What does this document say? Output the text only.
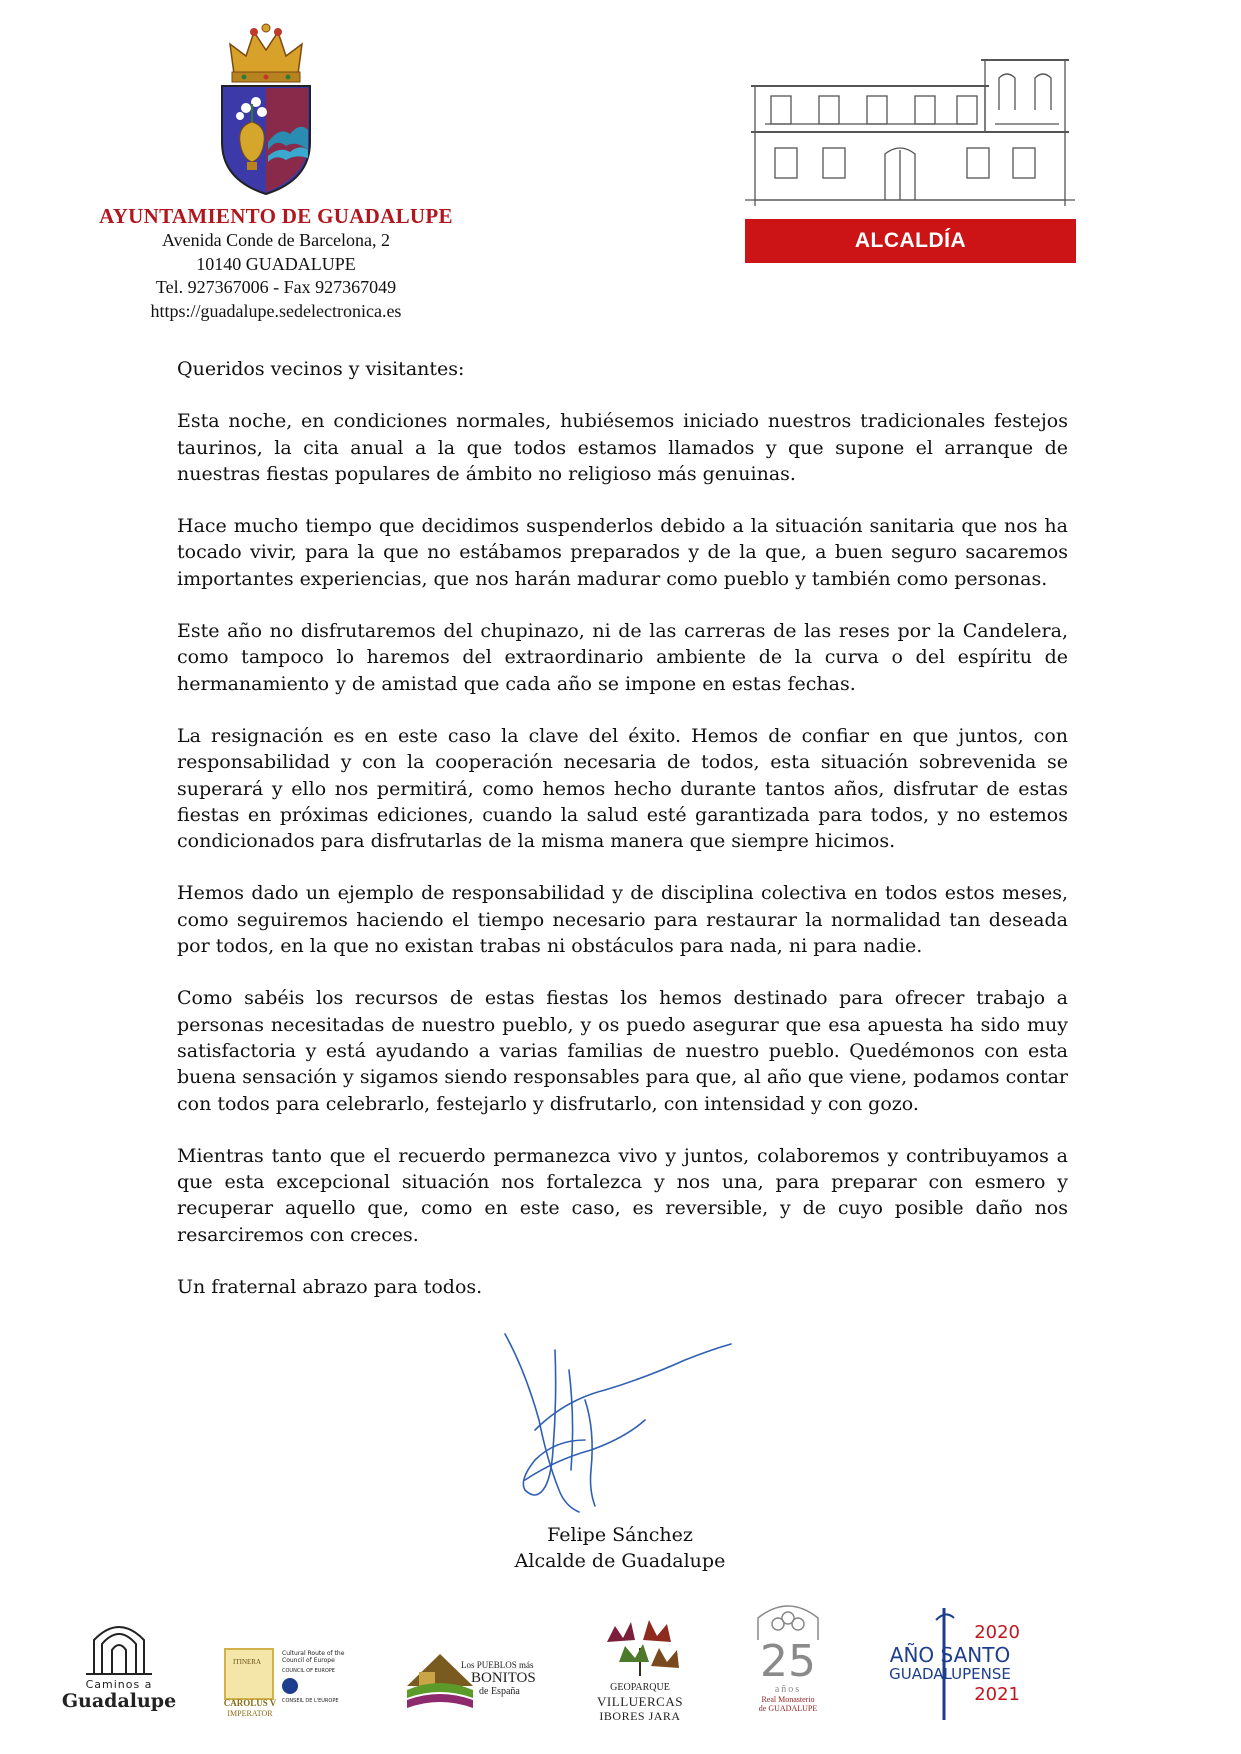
AYUNTAMIENTO DE GUADALUPE
Avenida Conde de Barcelona, 2
10140 GUADALUPE
Tel. 927367006 - Fax 927367049
https://guadalupe.sedelectronica.es
ALCALDÍA

Queridos vecinos y visitantes:

Esta noche, en condiciones normales, hubiésemos iniciado nuestros tradicionales festejos taurinos, la cita anual a la que todos estamos llamados y que supone el arranque de nuestras fiestas populares de ámbito no religioso más genuinas.

Hace mucho tiempo que decidimos suspenderlos debido a la situación sanitaria que nos ha tocado vivir, para la que no estábamos preparados y de la que, a buen seguro sacaremos importantes experiencias, que nos harán madurar como pueblo y también como personas.

Este año no disfrutaremos del chupinazo, ni de las carreras de las reses por la Candelera, como tampoco lo haremos del extraordinario ambiente de la curva o del espíritu de hermanamiento y de amistad que cada año se impone en estas fechas.

La resignación es en este caso la clave del éxito. Hemos de confiar en que juntos, con responsabilidad y con la cooperación necesaria de todos, esta situación sobrevenida se superará y ello nos permitirá, como hemos hecho durante tantos años, disfrutar de estas fiestas en próximas ediciones, cuando la salud esté garantizada para todos, y no estemos condicionados para disfrutarlas de la misma manera que siempre hicimos.

Hemos dado un ejemplo de responsabilidad y de disciplina colectiva en todos estos meses, como seguiremos haciendo el tiempo necesario para restaurar la normalidad tan deseada por todos, en la que no existan trabas ni obstáculos para nada, ni para nadie.

Como sabéis los recursos de estas fiestas los hemos destinado para ofrecer trabajo a personas necesitadas de nuestro pueblo, y os puedo asegurar que esa apuesta ha sido muy satisfactoria y está ayudando a varias familias de nuestro pueblo. Quedémonos con esta buena sensación y sigamos siendo responsables para que, al año que viene, podamos contar con todos para celebrarlo, festejarlo y disfrutarlo, con intensidad y con gozo.

Mientras tanto que el recuerdo permanezca vivo y juntos, colaboremos y contribuyamos a que esta excepcional situación nos fortalezca y nos una, para preparar con esmero y recuperar aquello que, como en este caso, es reversible, y de cuyo posible daño nos resarciremos con creces.

Un fraternal abrazo para todos.

Felipe Sánchez
Alcalde de Guadalupe
Caminos a
Guadalupe
ITINERA
CAROLUS V
IMPERATOR
Cultural Route of the
Council of Europe
COUNCIL OF EUROPE
CONSEIL DE L'EUROPE
Los PUEBLOS más
BONITOS
de España	GEOPARQUE
VILLUERCAS
IBORES JARA
25
años
Real Monasterio
de GUADALUPE
2020
AÑO SANTO
GUADALUPENSE
2021
